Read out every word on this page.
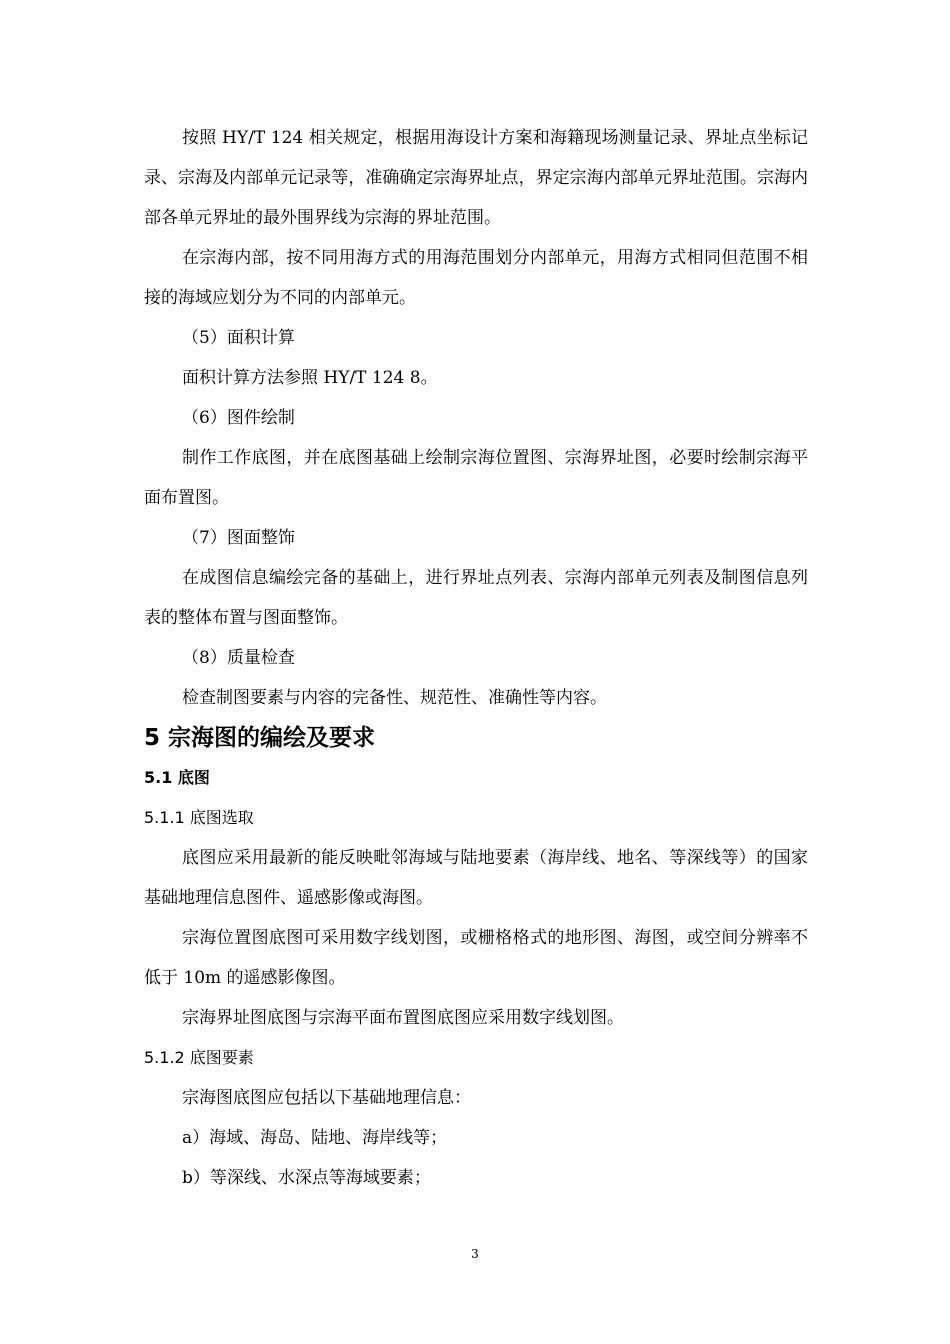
按照 HY/T 124 相关规定，根据用海设计方案和海籍现场测量记录、界址点坐标记录、宗海及内部单元记录等，准确确定宗海界址点，界定宗海内部单元界址范围。宗海内部各单元界址的最外围界线为宗海的界址范围。

在宗海内部，按不同用海方式的用海范围划分内部单元，用海方式相同但范围不相接的海域应划分为不同的内部单元。

（5）面积计算

面积计算方法参照 HY/T 124 8。

（6）图件绘制

制作工作底图，并在底图基础上绘制宗海位置图、宗海界址图，必要时绘制宗海平面布置图。

（7）图面整饰

在成图信息编绘完备的基础上，进行界址点列表、宗海内部单元列表及制图信息列表的整体布置与图面整饰。

（8）质量检查

检查制图要素与内容的完备性、规范性、准确性等内容。

5 宗海图的编绘及要求
5.1 底图
5.1.1 底图选取

底图应采用最新的能反映毗邻海域与陆地要素（海岸线、地名、等深线等）的国家基础地理信息图件、遥感影像或海图。

宗海位置图底图可采用数字线划图，或栅格格式的地形图、海图，或空间分辨率不低于 10m 的遥感影像图。

宗海界址图底图与宗海平面布置图底图应采用数字线划图。

5.1.2 底图要素

宗海图底图应包括以下基础地理信息：

a）海域、海岛、陆地、海岸线等；

b）等深线、水深点等海域要素；

3
